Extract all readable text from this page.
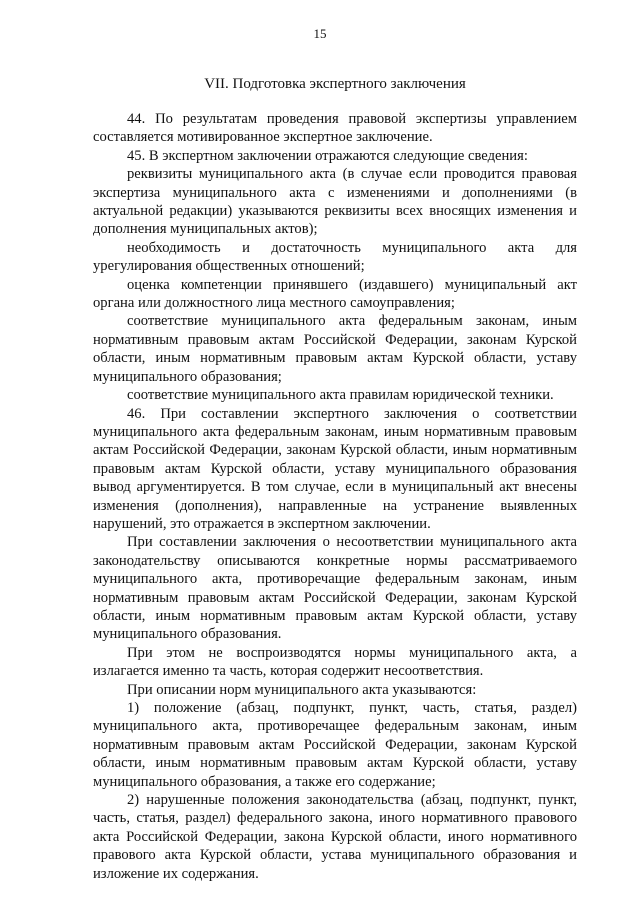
15
VII. Подготовка экспертного заключения

44. По результатам проведения правовой экспертизы управлением составляется мотивированное экспертное заключение.

45. В экспертном заключении отражаются следующие сведения:

реквизиты муниципального акта (в случае если проводится правовая экспертиза муниципального акта с изменениями и дополнениями (в актуальной редакции) указываются реквизиты всех вносящих изменения и дополнения муниципальных актов);

необходимость и достаточность муниципального акта для урегулирования общественных отношений;

оценка компетенции принявшего (издавшего) муниципальный акт органа или должностного лица местного самоуправления;

соответствие муниципального акта федеральным законам, иным нормативным правовым актам Российской Федерации, законам Курской области, иным нормативным правовым актам Курской области, уставу муниципального образования;

соответствие муниципального акта правилам юридической техники.

46. При составлении экспертного заключения о соответствии муниципального акта федеральным законам, иным нормативным правовым актам Российской Федерации, законам Курской области, иным нормативным правовым актам Курской области, уставу муниципального образования вывод аргументируется. В том случае, если в муниципальный акт внесены изменения (дополнения), направленные на устранение выявленных нарушений, это отражается в экспертном заключении.

При составлении заключения о несоответствии муниципального акта законодательству описываются конкретные нормы рассматриваемого муниципального акта, противоречащие федеральным законам, иным нормативным правовым актам Российской Федерации, законам Курской области, иным нормативным правовым актам Курской области, уставу муниципального образования.

При этом не воспроизводятся нормы муниципального акта, а излагается именно та часть, которая содержит несоответствия.

При описании норм муниципального акта указываются:

1) положение (абзац, подпункт, пункт, часть, статья, раздел) муниципального акта, противоречащее федеральным законам, иным нормативным правовым актам Российской Федерации, законам Курской области, иным нормативным правовым актам Курской области, уставу муниципального образования, а также его содержание;

2) нарушенные положения законодательства (абзац, подпункт, пункт, часть, статья, раздел) федерального закона, иного нормативного правового акта Российской Федерации, закона Курской области, иного нормативного правового акта Курской области, устава муниципального образования и изложение их содержания.
